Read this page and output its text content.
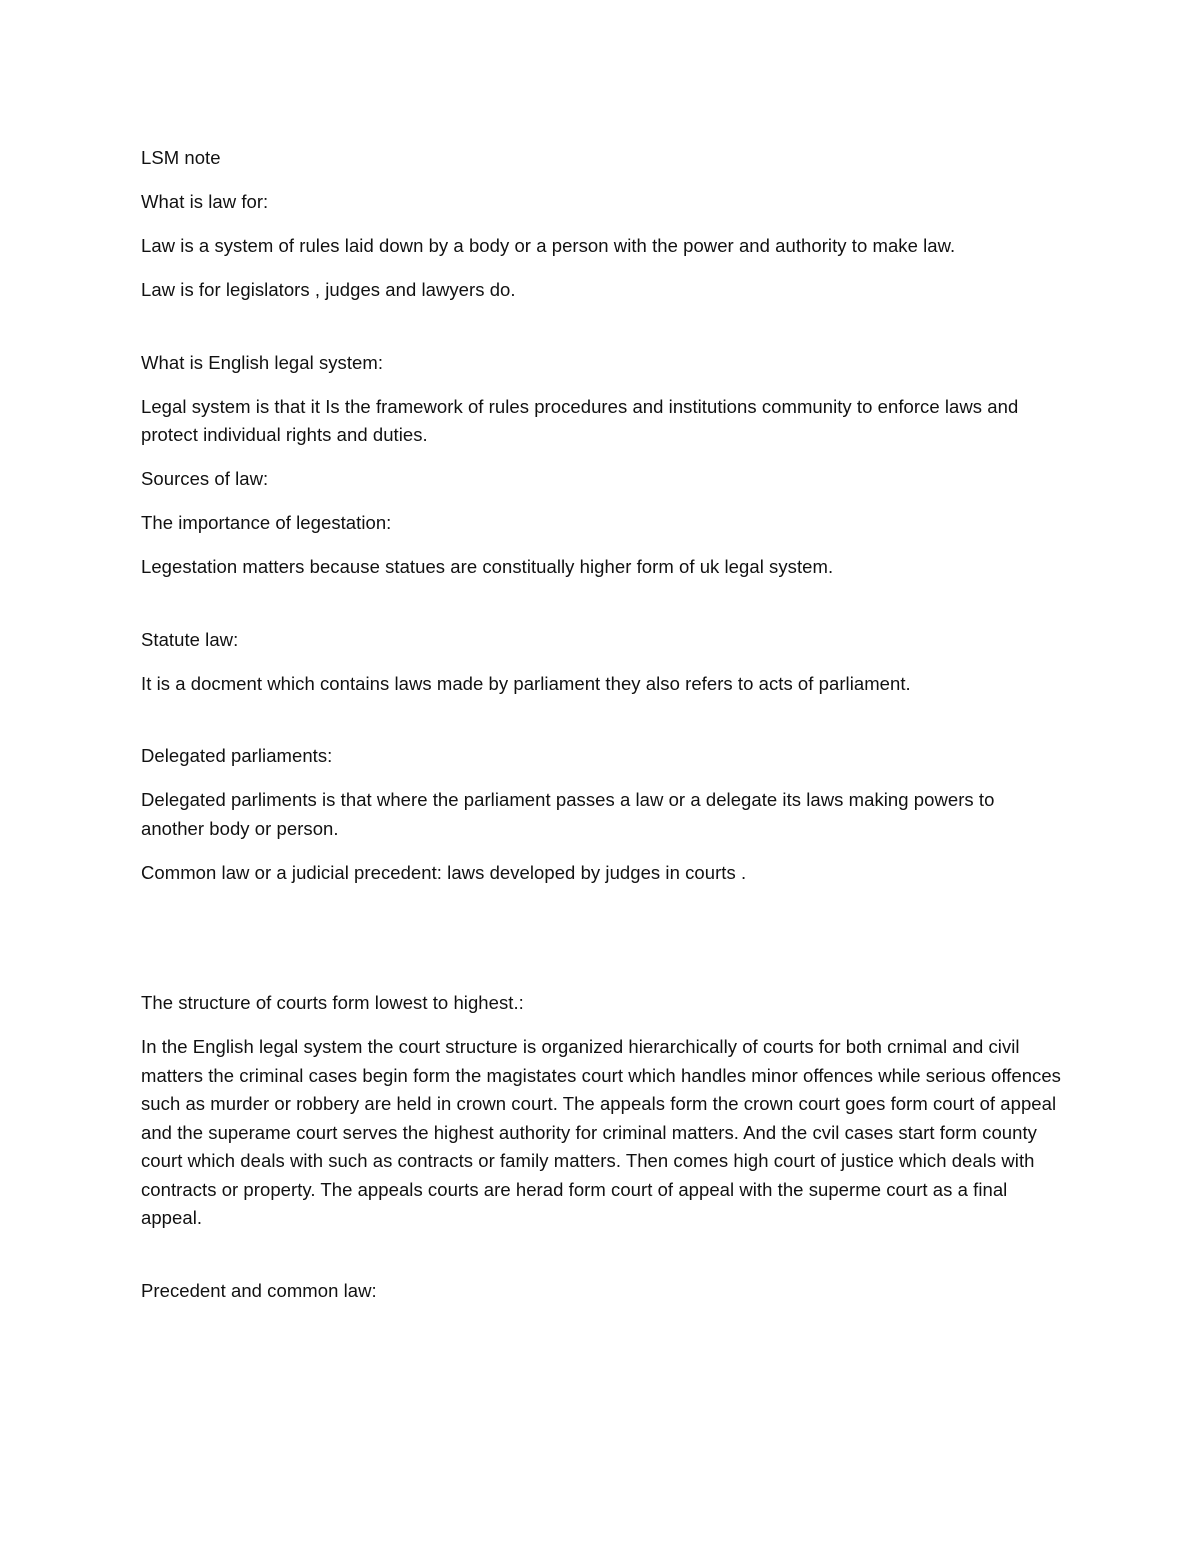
LSM note

What is law for:

Law is a system of rules laid down by a body or a person with the power and authority to make law.

Law is for legislators , judges and lawyers do.

What is English legal system:

Legal system is that it Is the framework of rules procedures and institutions community to enforce laws and protect individual rights and duties.

Sources of law:

The importance of legestation:

Legestation matters because statues are constitually higher form of uk legal system.

Statute law:

It is a docment which contains laws made by parliament they also refers to acts of parliament.

Delegated parliaments:

Delegated parliments is that where the parliament passes a law or a delegate its laws making powers to another body or person.

Common law or a judicial precedent: laws developed by judges in courts .

The structure of courts form lowest to highest.:

In the English legal system the court structure is organized hierarchically of courts for both crnimal and civil matters the criminal cases begin form the magistates court which handles minor offences while serious offences such as murder or robbery are held in crown court. The appeals form the crown court goes form court of appeal and the superame court serves the highest authority for criminal matters. And the cvil cases start form county court which deals with such as contracts or family matters. Then comes high court of justice which deals with contracts or property. The appeals courts are herad form court of appeal with the superme court as a final appeal.

Precedent and common law:
